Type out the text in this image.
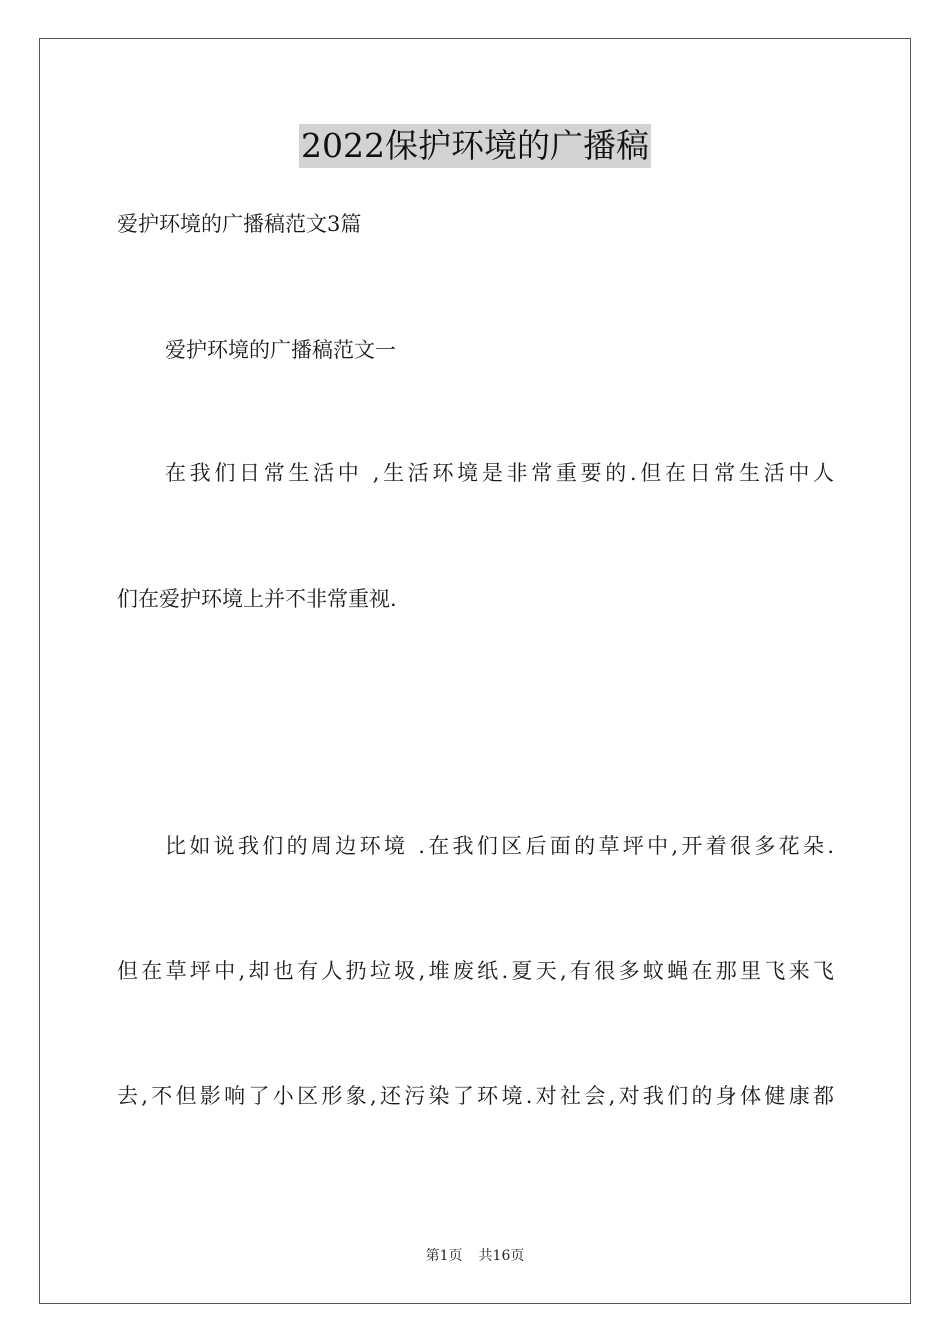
2022保护环境的广播稿
爱护环境的广播稿范文3篇
爱护环境的广播稿范文一
在我们日常生活中 ,生活环境是非常重要的.但在日常生活中人
们在爱护环境上并不非常重视.
比如说我们的周边环境 .在我们区后面的草坪中,开着很多花朵.
但在草坪中,却也有人扔垃圾,堆废纸.夏天,有很多蚊蝇在那里飞来飞
去,不但影响了小区形象,还污染了环境.对社会,对我们的身体健康都
第1页 共16页
